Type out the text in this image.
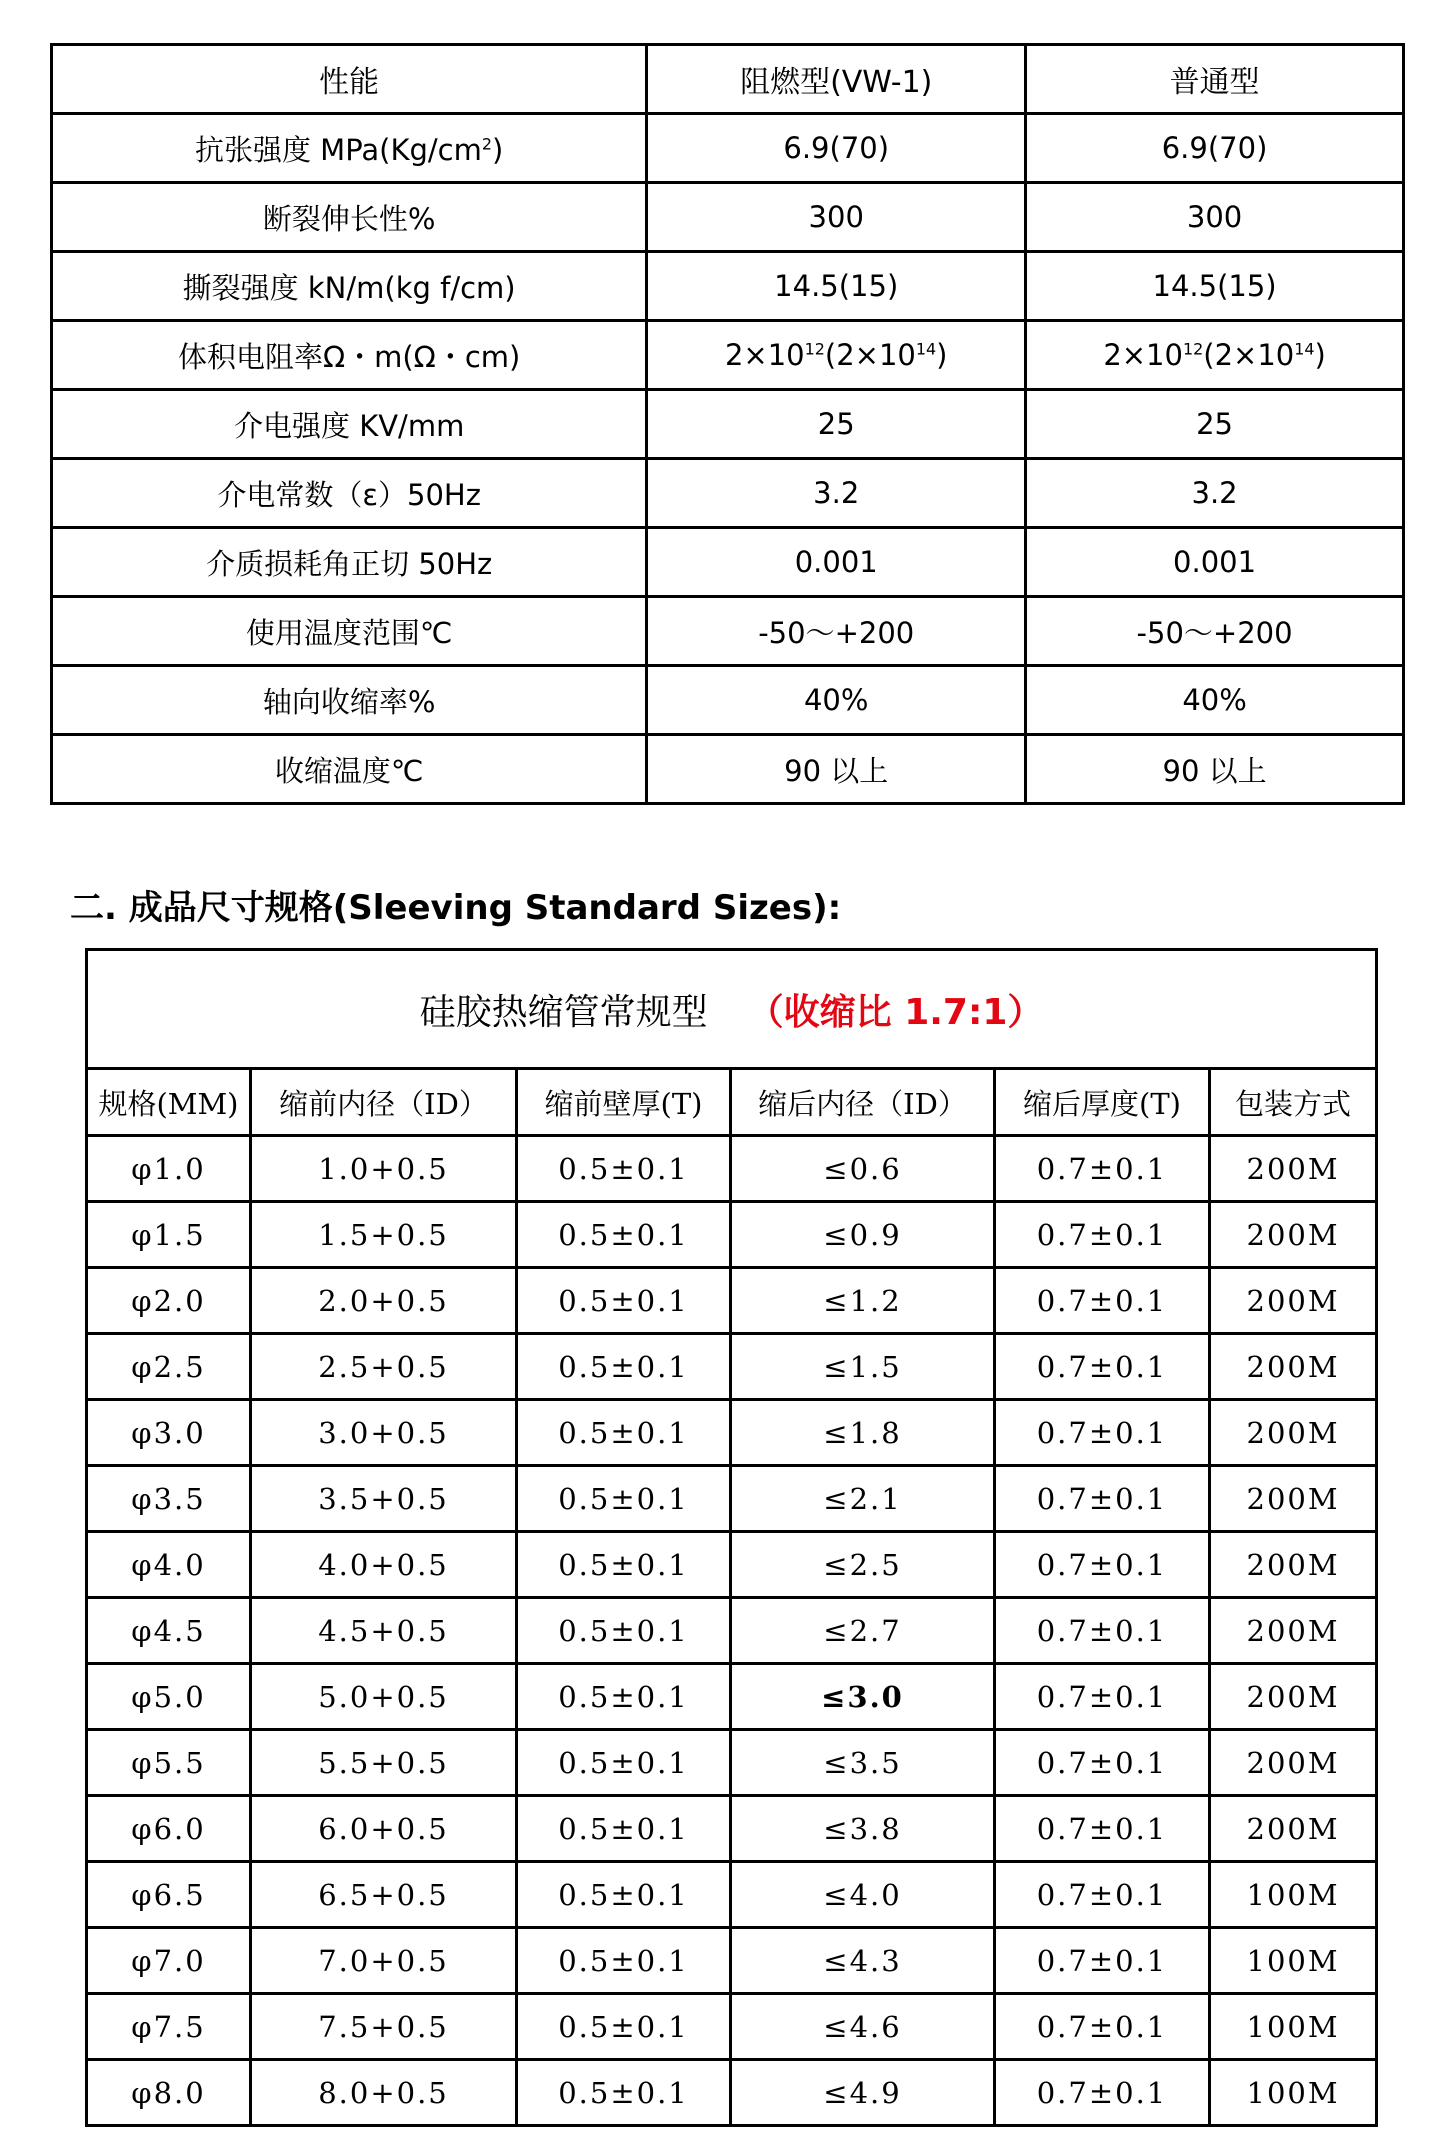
性能	阻燃型(VW-1)	普通型
抗张强度 $MPa(Kg/cm^2)$	6.9(70)	6.9(70)
断裂伸长性%	300	300
撕裂强度 kN/m(kg f/cm)	14.5(15)	14.5(15)
体积电阻率Ω・m(Ω・cm)	$2\times 10^{12}(2\times 10^{14})$	$2\times 10^{12}(2\times 10^{14})$
介电强度 KV/mm	25	25
介电常数（ε）50Hz	3.2	3.2
介质损耗角正切 50Hz	0.001	0.001
使用温度范围℃	-50～+200	-50～+200
轴向收缩率%	40%	40%
收缩温度℃	90 以上	90 以上
二. 成品尺寸规格(Sleeving Standard Sizes):
硅胶热缩管常规型 （收缩比 1.7:1）					
规格(MM)	缩前内径（ID）	缩前壁厚(T)	缩后内径（ID）	缩后厚度(T)	包装方式
φ1.0	1.0+0.5	0.5±0.1	≤0.6	0.7±0.1	200M
φ1.5	1.5+0.5	0.5±0.1	≤0.9	0.7±0.1	200M
φ2.0	2.0+0.5	0.5±0.1	≤1.2	0.7±0.1	200M
φ2.5	2.5+0.5	0.5±0.1	≤1.5	0.7±0.1	200M
φ3.0	3.0+0.5	0.5±0.1	≤1.8	0.7±0.1	200M
φ3.5	3.5+0.5	0.5±0.1	≤2.1	0.7±0.1	200M
φ4.0	4.0+0.5	0.5±0.1	≤2.5	0.7±0.1	200M
φ4.5	4.5+0.5	0.5±0.1	≤2.7	0.7±0.1	200M
φ5.0	5.0+0.5	0.5±0.1	≤3.0	0.7±0.1	200M
φ5.5	5.5+0.5	0.5±0.1	≤3.5	0.7±0.1	200M
φ6.0	6.0+0.5	0.5±0.1	≤3.8	0.7±0.1	200M
φ6.5	6.5+0.5	0.5±0.1	≤4.0	0.7±0.1	100M
φ7.0	7.0+0.5	0.5±0.1	≤4.3	0.7±0.1	100M
φ7.5	7.5+0.5	0.5±0.1	≤4.6	0.7±0.1	100M
φ8.0	8.0+0.5	0.5±0.1	≤4.9	0.7±0.1	100M
